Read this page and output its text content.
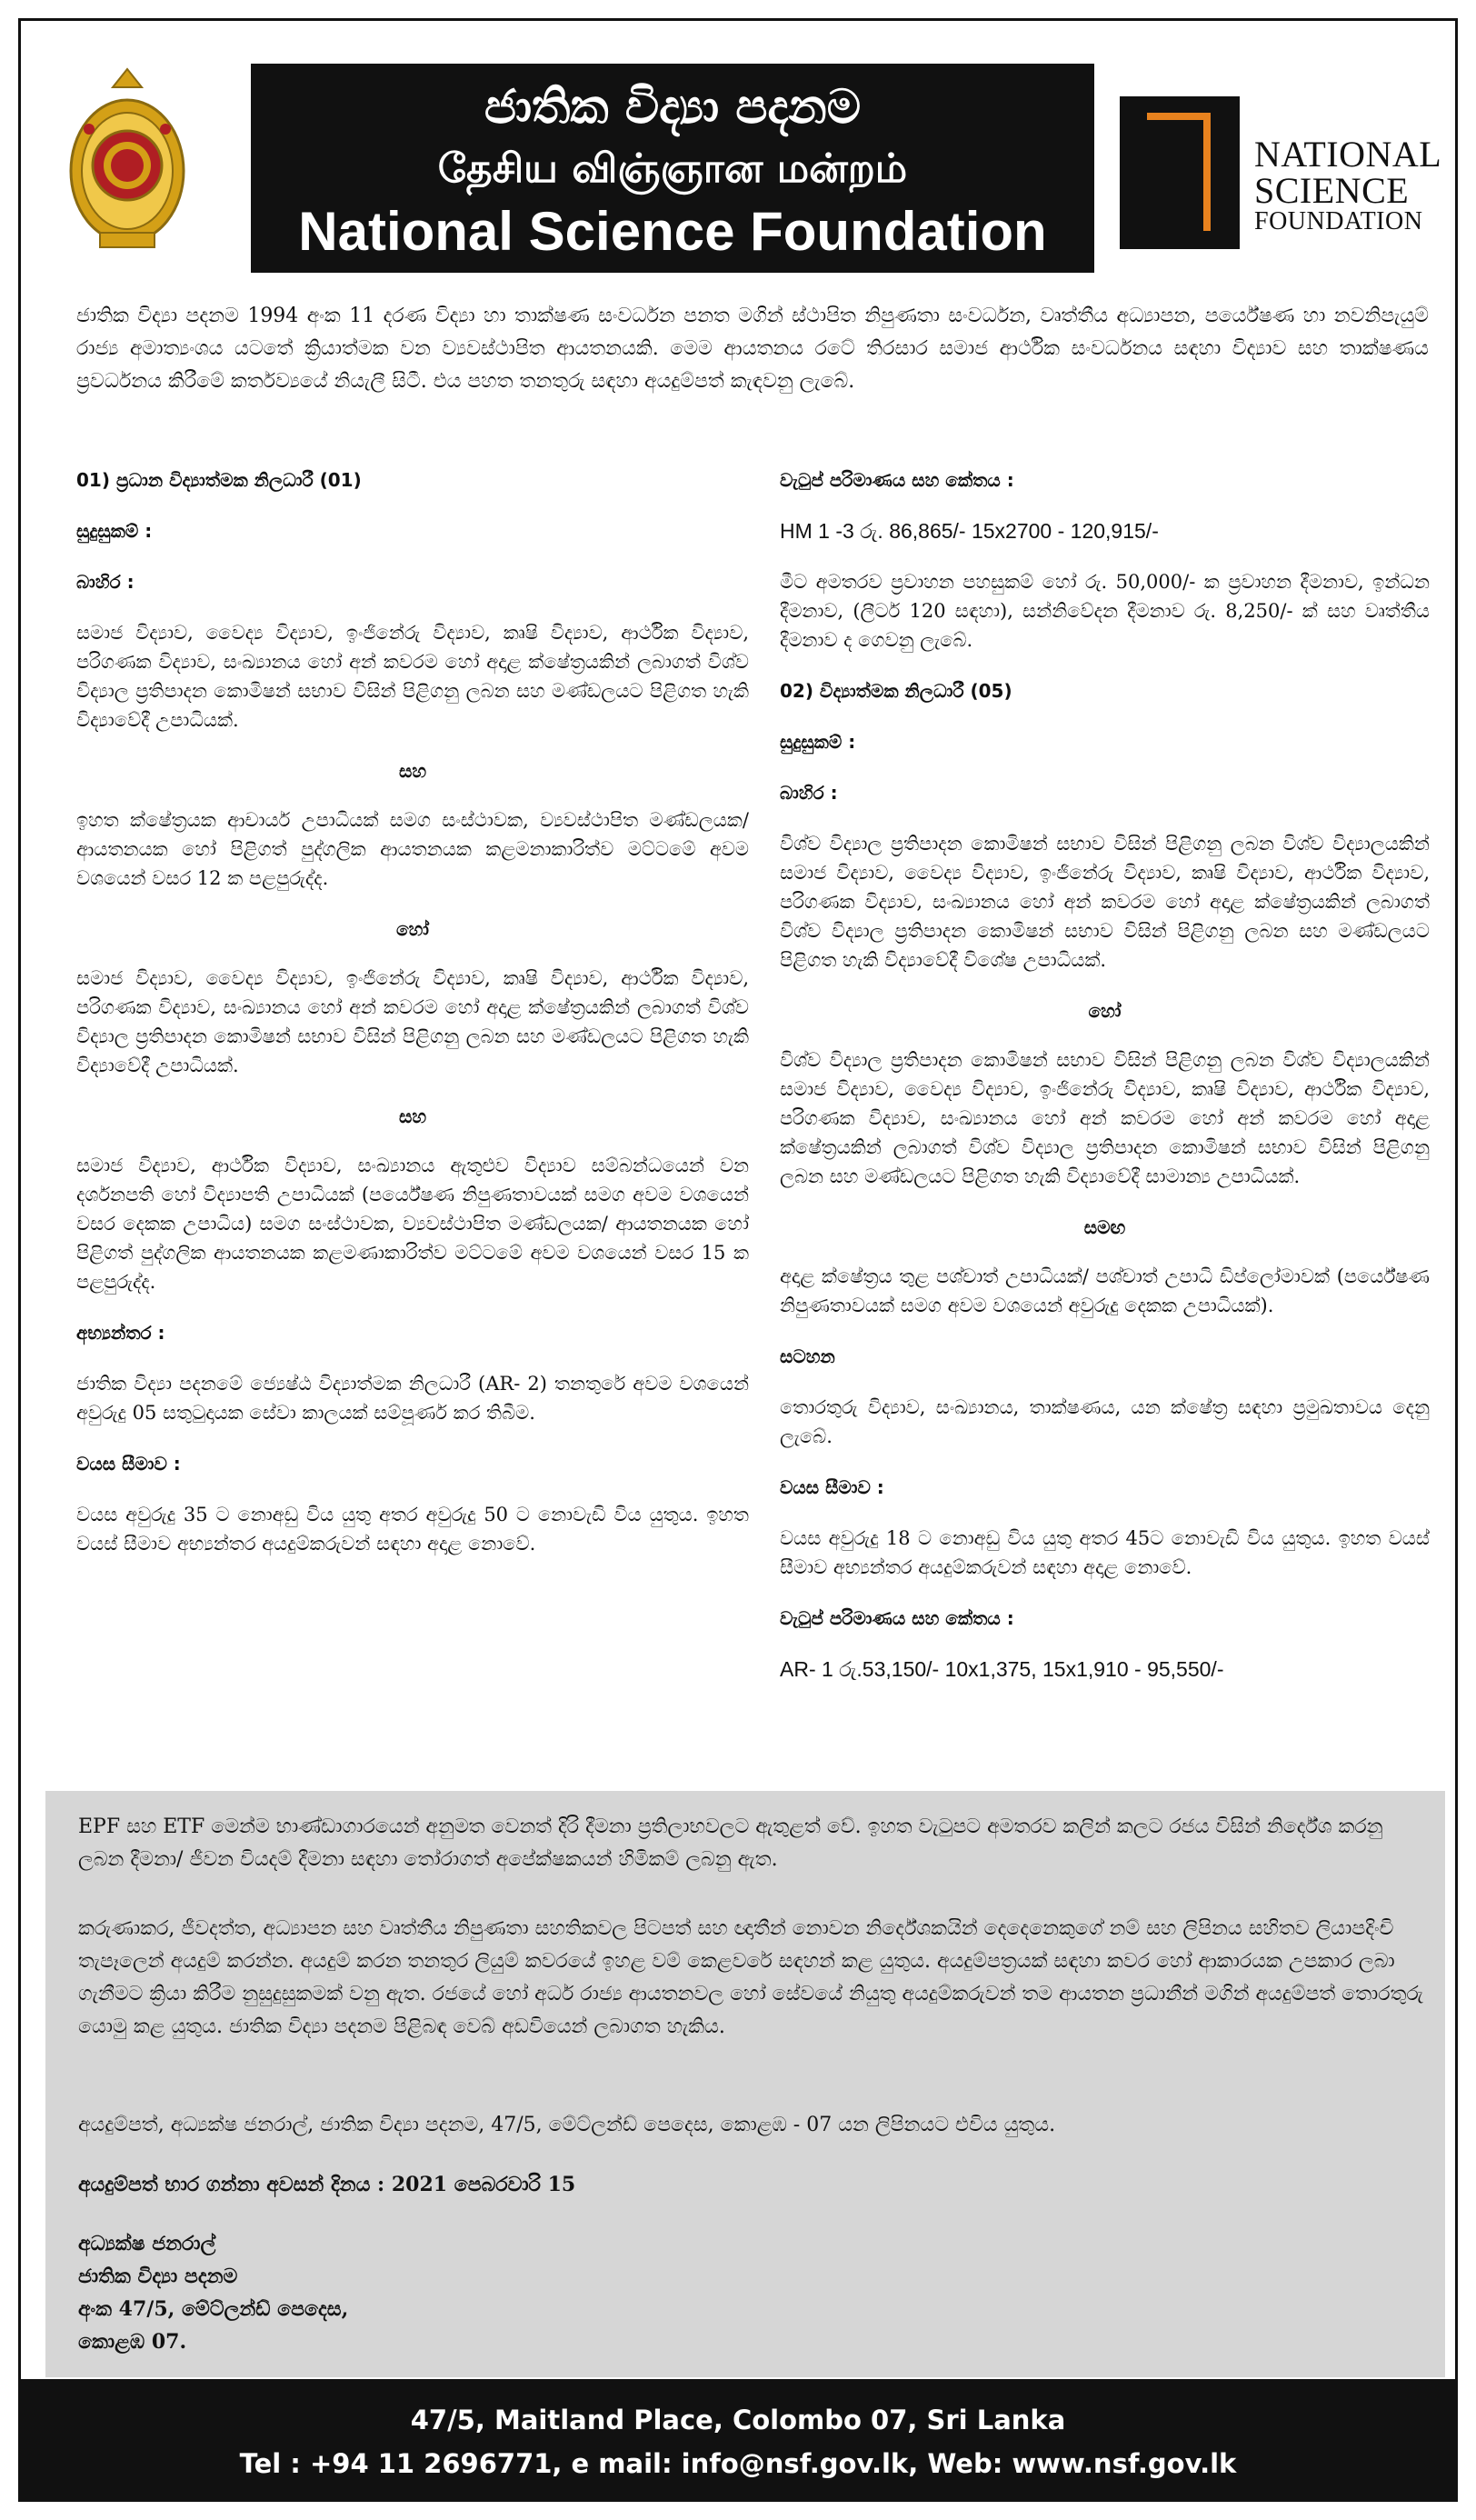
ජාතික විද්‍යා පදනම
தேசிய விஞ்ஞான மன்றம்
National Science Foundation
NATIONAL
SCIENCE
FOUNDATION
ජාතික විද්‍යා පදනම 1994 අංක 11 දරණ විද්‍යා හා තාක්ෂණ සංවර්ධන පනත මගින් ස්ථාපිත නිපුණතා සංවර්ධන, වෘත්තීය අධ්‍යාපන, පර්යේෂණ හා නවනිපැයුම් රාජ්‍ය අමාත්‍යංශය යටතේ ක්‍රියාත්මක වන ව්‍යවස්ථාපිත ආයතනයකි. මෙම ආයතනය රටේ තිරසාර සමාජ ආර්ථික සංවර්ධනය සඳහා විද්‍යාව සහ තාක්ෂණය ප්‍රවර්ධනය කිරීමේ කර්තව්‍යයේ නියැලී සිටී. එය පහත තනතුරු සඳහා අයදුම්පත් කැඳවනු ලැබේ.
01) ප්‍රධාන විද්‍යාත්මක නිලධාරී (01)
සුදුසුකම් :
බාහිර :

සමාජ විද්‍යාව, වෛද්‍ය විද්‍යාව, ඉංජිනේරු විද්‍යාව, කෘෂි විද්‍යාව, ආර්ථික විද්‍යාව, පරිගණක විද්‍යාව, සංඛ්‍යානය හෝ අන් කවරම හෝ අදාළ ක්ෂේත්‍රයකින් ලබාගත් විශ්ව විද්‍යාල ප්‍රතිපාදන කොමිෂන් සභාව විසින් පිළිගනු ලබන සහ මණ්ඩලයට පිළිගත හැකි විද්‍යාවේදී උපාධියක්.

සහ

ඉහත ක්ෂේත්‍රයක ආචාර්ය උපාධියක් සමග සංස්ථාවක, ව්‍යවස්ථාපිත මණ්ඩලයක/ ආයතනයක හෝ පිළිගත් පුද්ගලික ආයතනයක කළමනාකාරිත්ව මට්ටමේ අවම වශයෙන් වසර 12 ක පළපුරුද්ද.

හෝ

සමාජ විද්‍යාව, වෛද්‍ය විද්‍යාව, ඉංජිනේරු විද්‍යාව, කෘෂි විද්‍යාව, ආර්ථික විද්‍යාව, පරිගණක විද්‍යාව, සංඛ්‍යානය හෝ අන් කවරම හෝ අදාළ ක්ෂේත්‍රයකින් ලබාගත් විශ්ව විද්‍යාල ප්‍රතිපාදන කොමිෂන් සභාව විසින් පිළිගනු ලබන සහ මණ්ඩලයට පිළිගත හැකි විද්‍යාවේදී උපාධියක්.

සහ

සමාජ විද්‍යාව, ආර්ථික විද්‍යාව, සංඛ්‍යානය ඇතුළුව විද්‍යාව සම්බන්ධයෙන් වන දර්ශනපති හෝ විද්‍යාපති උපාධියක් (පර්යේෂණ නිපුණතාවයක් සමග අවම වශයෙන් වසර දෙකක උපාධිය) සමග සංස්ථාවක, ව්‍යවස්ථාපිත මණ්ඩලයක/ ආයතනයක හෝ පිළිගත් පුද්ගලික ආයතනයක කළමණාකාරිත්ව මට්ටමේ අවම වශයෙන් වසර 15 ක පළපුරුද්ද.

අභ්‍යන්තර :

ජාතික විද්‍යා පදනමේ ජ්‍යෙෂ්ඨ විද්‍යාත්මක නිලධාරී (AR- 2) තනතුරේ අවම වශයෙන් අවුරුදු 05 සතුටුදායක සේවා කාලයක් සම්පූර්ණ කර තිබීම.

වයස සීමාව :

වයස අවුරුදු 35 ට නොඅඩු විය යුතු අතර අවුරුදු 50 ට නොවැඩි විය යුතුය. ඉහත වයස් සීමාව අභ්‍යන්තර අයදුම්කරුවන් සඳහා අදාළ නොවේ.

වැටුප් පරිමාණය සහ කේතය :

HM 1 -3 රු. 86,865/- 15x2700 - 120,915/-

මීට අමතරව ප්‍රවාහන පහසුකම් හෝ රු. 50,000/- ක ප්‍රවාහන දීමනාව, ඉන්ධන දීමනාව, (ලීටර් 120 සඳහා), සන්නිවේදන දීමනාව රු. 8,250/- ක් සහ වෘත්තීය දීමනාව ද ගෙවනු ලැබේ.

02) විද්‍යාත්මක නිලධාරී (05)
සුදුසුකම් :
බාහිර :

විශ්ව විද්‍යාල ප්‍රතිපාදන කොමිෂන් සභාව විසින් පිළිගනු ලබන විශ්ව විද්‍යාලයකින් සමාජ විද්‍යාව, වෛද්‍ය විද්‍යාව, ඉංජිනේරු විද්‍යාව, කෘෂි විද්‍යාව, ආර්ථික විද්‍යාව, පරිගණක විද්‍යාව, සංඛ්‍යානය හෝ අන් කවරම හෝ අදාළ ක්ෂේත්‍රයකින් ලබාගත් විශ්ව විද්‍යාල ප්‍රතිපාදන කොමිෂන් සභාව විසින් පිළිගනු ලබන සහ මණ්ඩලයට පිළිගත හැකි විද්‍යාවේදී විශේෂ උපාධියක්.

හෝ

විශ්ව විද්‍යාල ප්‍රතිපාදන කොමිෂන් සභාව විසින් පිළිගනු ලබන විශ්ව විද්‍යාලයකින් සමාජ විද්‍යාව, වෛද්‍ය විද්‍යාව, ඉංජිනේරු විද්‍යාව, කෘෂි විද්‍යාව, ආර්ථික විද්‍යාව, පරිගණක විද්‍යාව, සංඛ්‍යානය හෝ අන් කවරම හෝ අන් කවරම හෝ අදාළ ක්ෂේත්‍රයකින් ලබාගත් විශ්ව විද්‍යාල ප්‍රතිපාදන කොමිෂන් සභාව විසින් පිළිගනු ලබන සහ මණ්ඩලයට පිළිගත හැකි විද්‍යාවේදී සාමාන්‍ය උපාධියක්.

සමඟ

අදාළ ක්ෂේත්‍රය තුළ පශ්චාත් උපාධියක්/ පශ්චාත් උපාධි ඩිප්ලෝමාවක් (පර්යේෂණ නිපුණතාවයක් සමග අවම වශයෙන් අවුරුදු දෙකක උපාධියක්).

සටහන

තොරතුරු විද්‍යාව, සංඛ්‍යානය, තාක්ෂණය, යන ක්ෂේත්‍ර සඳහා ප්‍රමුඛතාවය දෙනු ලැබේ.

වයස සීමාව :

වයස අවුරුදු 18 ට නොඅඩු විය යුතු අතර 45ට නොවැඩි විය යුතුය. ඉහත වයස් සීමාව අභ්‍යන්තර අයදුම්කරුවන් සඳහා අදාළ නොවේ.

වැටුප් පරිමාණය සහ කේතය :

AR- 1 රු.53,150/- 10x1,375, 15x1,910 - 95,550/-

EPF සහ ETF මෙන්ම භාණ්ඩාගාරයෙන් අනුමත වෙනත් දිරි දීමනා ප්‍රතිලාභවලට ඇතුළත් වේ. ඉහත වැටුපට අමතරව කලින් කලට රජය විසින් නිර්දේශ කරනු ලබන දීමනා/ ජීවන වියදම් දීමනා සඳහා තෝරාගත් අපේක්ෂකයන් හිමිකම් ලබනු ඇත.
කරුණාකර, ජීවදත්ත, අධ්‍යාපන සහ වෘත්තීය නිපුණතා සහතිකවල පිටපත් සහ ඥාතීන් නොවන නිර්දේශකයින් දෙදෙනෙකුගේ නම් සහ ලිපිනය සහිතව ලියාපදිංචි තැපෑලෙන් අයදුම් කරන්න. අයදුම් කරන තනතුර ලියුම් කවරයේ ඉහළ වම් කෙළවරේ සඳහන් කළ යුතුය. අයදුම්පත්‍රයක් සඳහා කවර හෝ ආකාරයක උපකාර ලබා ගැනීමට ක්‍රියා කිරීම නුසුදුසුකමක් වනු ඇත. රජයේ හෝ අර්ධ රාජ්‍ය ආයතනවල හෝ සේවයේ නියුතු අයදුම්කරුවන් තම ආයතන ප්‍රධානීන් මගින් අයදුම්පත් තොරතුරු යොමු කළ යුතුය. ජාතික විද්‍යා පදනම පිළිබඳ වෙබ් අඩවියෙන් ලබාගත හැකිය.
අයදුම්පත්, අධ්‍යක්ෂ ජනරාල්, ජාතික විද්‍යා පදනම, 47/5, මේට්ලන්ඩ් පෙදෙස, කොළඹ - 07 යන ලිපිනයට එවිය යුතුය.
අයදුම්පත් භාර ගන්නා අවසන් දිනය : 2021 පෙබරවාරි 15
අධ්‍යක්ෂ ජනරාල්
ජාතික විද්‍යා පදනම
අංක 47/5, මේට්ලන්ඩ් පෙදෙස,
කොළඹ 07.
47/5, Maitland Place, Colombo 07, Sri Lanka
Tel : +94 11 2696771, e mail: info@nsf.gov.lk, Web: www.nsf.gov.lk
